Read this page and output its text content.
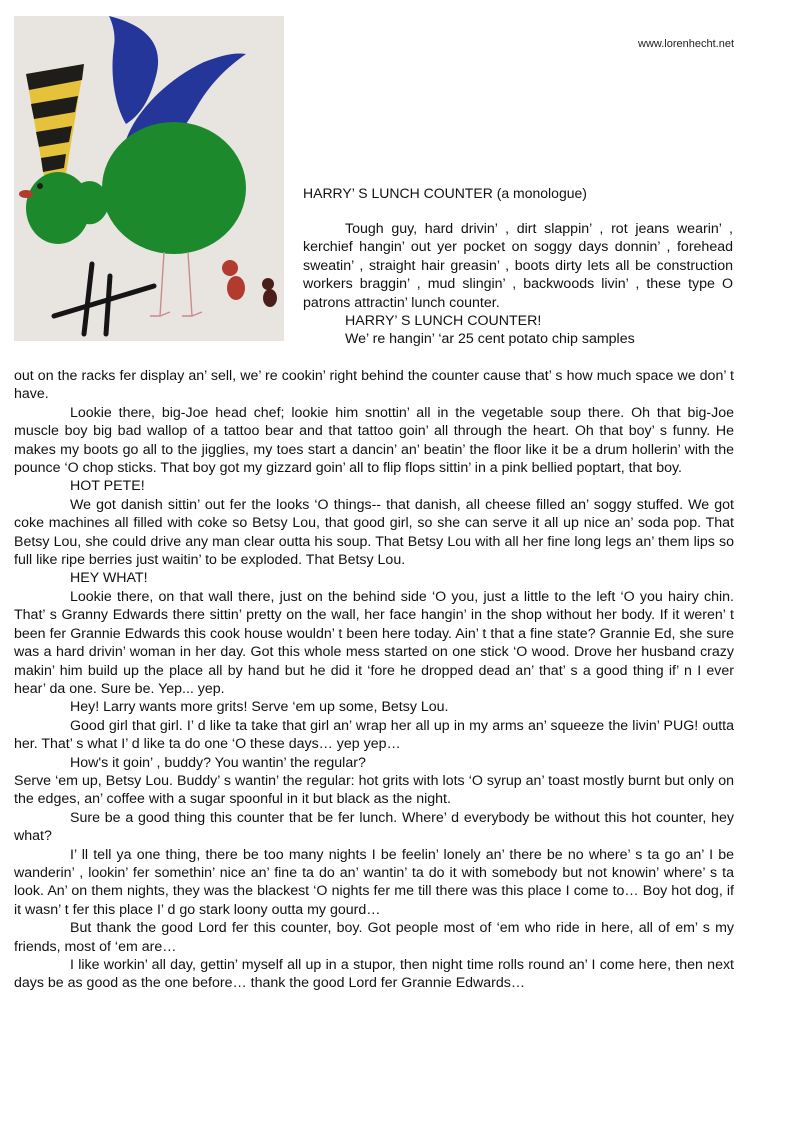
www.lorenhecht.net
HARRY’ S LUNCH COUNTER (a monologue)

Tough guy, hard drivin’ , dirt slappin’ , rot jeans wearin’ , kerchief hangin’ out yer pocket on soggy days donnin’ , forehead sweatin’ , straight hair greasin’ , boots dirty lets all be construction workers braggin’ , mud slingin’ , backwoods livin’ , these type O patrons attractin’ lunch counter.

HARRY’ S LUNCH COUNTER!

We’ re hangin’ ‘ar 25 cent potato chip samples

out on the racks fer display an’ sell, we’ re cookin’ right behind the counter cause that’ s how much space we don’ t have.

Lookie there, big-Joe head chef; lookie him snottin’ all in the vegetable soup there. Oh that big-Joe muscle boy big bad wallop of a tattoo bear and that tattoo goin’ all through the heart. Oh that boy’ s funny. He makes my boots go all to the jigglies, my toes start a dancin’ an’ beatin’ the floor like it be a drum hollerin’ with the pounce ‘O chop sticks. That boy got my gizzard goin’ all to flip flops sittin’ in a pink bellied poptart, that boy.

HOT PETE!

We got danish sittin’ out fer the looks ‘O things-- that danish, all cheese filled an’ soggy stuffed. We got coke machines all filled with coke so Betsy Lou, that good girl, so she can serve it all up nice an’ soda pop. That Betsy Lou, she could drive any man clear outta his soup. That Betsy Lou with all her fine long legs an’ them lips so full like ripe berries just waitin’ to be exploded. That Betsy Lou.

HEY WHAT!

Lookie there, on that wall there, just on the behind side ‘O you, just a little to the left ‘O you hairy chin. That’ s Granny Edwards there sittin’ pretty on the wall, her face hangin’ in the shop without her body. If it weren’ t been fer Grannie Edwards this cook house wouldn’ t been here today. Ain’ t that a fine state? Grannie Ed, she sure was a hard drivin’ woman in her day. Got this whole mess started on one stick ‘O wood. Drove her husband crazy makin’ him build up the place all by hand but he did it ‘fore he dropped dead an’ that’ s a good thing if’ n I ever hear’ da one. Sure be. Yep... yep.

Hey! Larry wants more grits! Serve ‘em up some, Betsy Lou.

Good girl that girl. I’ d like ta take that girl an’ wrap her all up in my arms an’ squeeze the livin’ PUG! outta her. That’ s what I’ d like ta do one ‘O these days… yep yep…

How's it goin’ , buddy? You wantin’ the regular?

Serve ‘em up, Betsy Lou. Buddy’ s wantin’ the regular: hot grits with lots ‘O syrup an’ toast mostly burnt but only on the edges, an’ coffee with a sugar spoonful in it but black as the night.

Sure be a good thing this counter that be fer lunch. Where’ d everybody be without this hot counter, hey what?

I’ ll tell ya one thing, there be too many nights I be feelin’ lonely an’ there be no where’ s ta go an’ I be wanderin’ , lookin’ fer somethin’ nice an’ fine ta do an’ wantin’ ta do it with somebody but not knowin’ where’ s ta look. An’ on them nights, they was the blackest ‘O nights fer me till there was this place I come to… Boy hot dog, if it wasn’ t fer this place I’ d go stark loony outta my gourd…

But thank the good Lord fer this counter, boy. Got people most of ‘em who ride in here, all of em’ s my friends, most of ‘em are…

I like workin’ all day, gettin’ myself all up in a stupor, then night time rolls round an’ I come here, then next days be as good as the one before… thank the good Lord fer Grannie Edwards…
